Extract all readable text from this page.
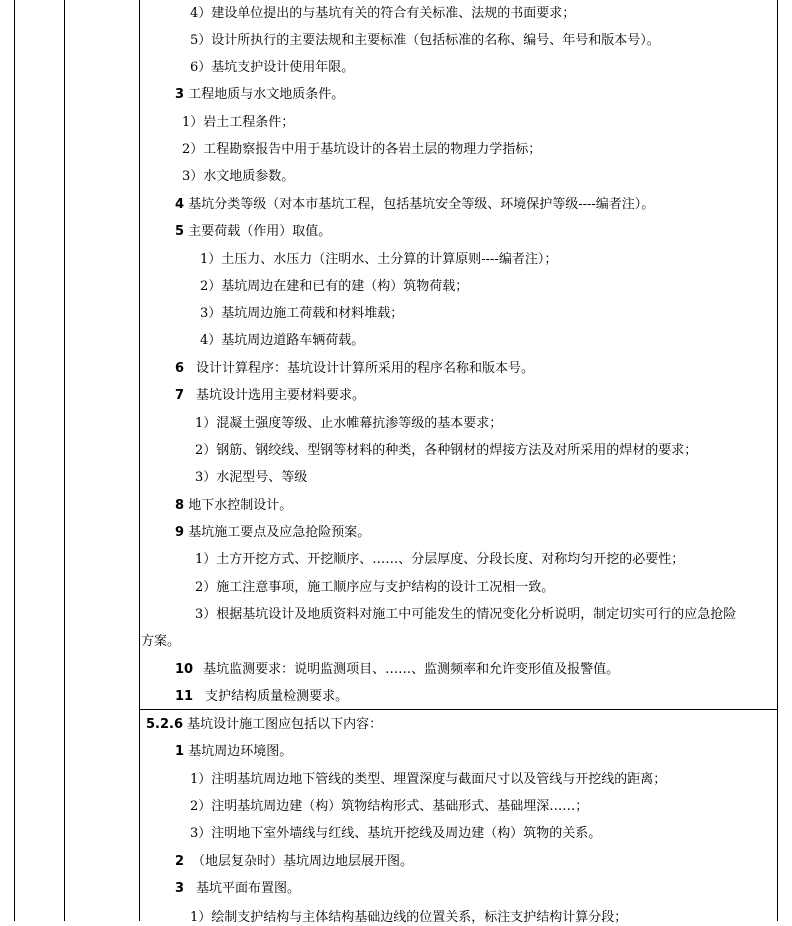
4）建设单位提出的与基坑有关的符合有关标准、法规的书面要求；
5）设计所执行的主要法规和主要标准（包括标准的名称、编号、年号和版本号）。
6）基坑支护设计使用年限。
3 工程地质与水文地质条件。
1）岩土工程条件；
2）工程勘察报告中用于基坑设计的各岩土层的物理力学指标；
3）水文地质参数。
4 基坑分类等级（对本市基坑工程，包括基坑安全等级、环境保护等级----编者注）。
5 主要荷载（作用）取值。
1）土压力、水压力（注明水、土分算的计算原则----编者注）；
2）基坑周边在建和已有的建（构）筑物荷载；
3）基坑周边施工荷载和材料堆载；
4）基坑周边道路车辆荷载。
6 设计计算程序：基坑设计计算所采用的程序名称和版本号。
7 基坑设计选用主要材料要求。
1）混凝土强度等级、止水帷幕抗渗等级的基本要求；
2）钢筋、钢绞线、型钢等材料的种类，各种钢材的焊接方法及对所采用的焊材的要求；
3）水泥型号、等级
8 地下水控制设计。
9 基坑施工要点及应急抢险预案。
1）土方开挖方式、开挖顺序、……、分层厚度、分段长度、对称均匀开挖的必要性；
2）施工注意事项，施工顺序应与支护结构的设计工况相一致。
3）根据基坑设计及地质资料对施工中可能发生的情况变化分析说明，制定切实可行的应急抢险
方案。
10 基坑监测要求：说明监测项目、……、监测频率和允许变形值及报警值。
11 支护结构质量检测要求。
5.2.6 基坑设计施工图应包括以下内容：
1 基坑周边环境图。
1）注明基坑周边地下管线的类型、埋置深度与截面尺寸以及管线与开挖线的距离；
2）注明基坑周边建（构）筑物结构形式、基础形式、基础埋深……；
3）注明地下室外墙线与红线、基坑开挖线及周边建（构）筑物的关系。
2 （地层复杂时）基坑周边地层展开图。
3 基坑平面布置图。
1）绘制支护结构与主体结构基础边线的位置关系，标注支护结构计算分段；
